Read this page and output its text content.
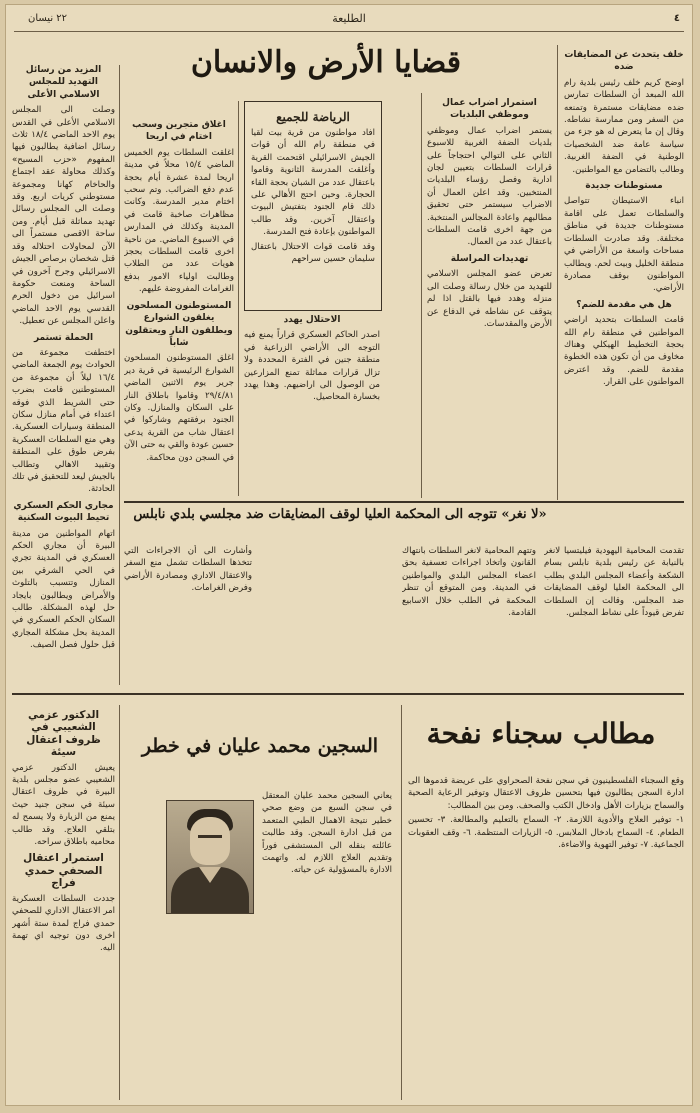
٤
الطليعة
٢٢ نيسان
قضايا الأرض والانسان	خلف يتحدث عن المضايقات ضده

اوضح كريم خلف رئيس بلدية رام الله المبعد أن السلطات تمارس ضده مضايقات مستمرة وتمنعه من السفر ومن ممارسة نشاطه. وقال إن ما يتعرض له هو جزء من سياسة عامة ضد الشخصيات الوطنية في الضفة الغربية. وطالب بالتضامن مع المواطنين.

مستوطنات جديدة

انباء الاستيطان تتواصل والسلطات تعمل على اقامة مستوطنات جديدة في مناطق مختلفة. وقد صادرت السلطات مساحات واسعة من الأراضي في منطقة الخليل وبيت لحم. ويطالب المواطنون بوقف مصادرة الأراضي.

هل هي مقدمة للضم؟

قامت السلطات بتحديد اراضي المواطنين في منطقة رام الله بحجة التخطيط الهيكلي وهناك مخاوف من أن تكون هذه الخطوة مقدمة للضم. وقد اعترض المواطنون على القرار.

استمرار اضراب عمال وموظفي البلديات

يستمر اضراب عمال وموظفي بلديات الضفة الغربية للاسبوع الثاني على التوالي احتجاجاً على قرارات السلطات بتعيين لجان ادارية وفصل رؤساء البلديات المنتخبين. وقد اعلن العمال أن الاضراب سيستمر حتى تحقيق مطالبهم واعادة المجالس المنتخبة. من جهة اخرى قامت السلطات باعتقال عدد من العمال.

تهديدات المراسلة

تعرض عضو المجلس الاسلامي للتهديد من خلال رسالة وصلت الى منزله وهدد فيها بالقتل اذا لم يتوقف عن نشاطه في الدفاع عن الأرض والمقدسات.

الرياضة للجميع

افاد مواطنون من قرية بيت لقيا في منطقة رام الله أن قوات الجيش الاسرائيلي اقتحمت القرية وأغلقت المدرسة الثانوية وقاموا باعتقال عدد من الشبان بحجة القاء الحجارة. وحين احتج الأهالي على ذلك قام الجنود بتفتيش البيوت واعتقال آخرين. وقد طالب المواطنون بإعادة فتح المدرسة.

وقد قامت قوات الاحتلال باعتقال سليمان حسين سراحهم

الاحتلال يهدد

اصدر الحاكم العسكري قراراً يمنع فيه التوجه الى الأراضي الزراعية في منطقة جنين في الفترة المحددة ولا تزال قرارات مماثلة تمنع المزارعين من الوصول الى اراضيهم. وهذا يهدد بخسارة المحاصيل.

اغلاق متجرين وسحب اختام في اريحا

اغلقت السلطات يوم الخميس الماضي ١٥/٤ محلاً في مدينة اريحا لمدة عشرة أيام بحجة عدم دفع الضرائب. وتم سحب اختام مدير المدرسة. وكانت مظاهرات صاخبة قامت في المدينة وكذلك في المدارس في الاسبوع الماضي. من ناحية اخرى قامت السلطات بحجز هويات عدد من الطلاب وطالبت اولياء الامور بدفع الغرامات المفروضة عليهم.

المستوطنون المسلحون يغلقون الشوارع ويطلقون النار ويعتقلون شاباً

اغلق المستوطنون المسلحون الشوارع الرئيسية في قرية دير جرير يوم الاثنين الماضي ٢٩/٤/٨١ وقاموا باطلاق النار على السكان والمنازل. وكان الجنود برفقتهم وشاركوا في اعتقال شاب من القرية يدعى حسين عودة والقي به حتى الآن في السجن دون محاكمة.

المزيد من رسائل التهديد للمجلس الاسلامي الأعلى

وصلت الى المجلس الاسلامي الأعلى في القدس يوم الاحد الماضي ١٨/٤ ثلاث رسائل اضافية يطالبون فيها المفهوم «حزب المسيح» وكذلك محاولة عقد اجتماع والحاخام كهانا ومجموعة مستوطني كريات اربع. وقد وصلت الى المجلس رسائل تهديد مماثلة قبل أيام. ومن ساحة الاقصى مستمراً الى الآن لمحاولات احتلاله وقد قتل شخصان برصاص الجيش الاسرائيلي وجرح آخرون في الساحة ومنعت حكومة اسرائيل من دخول الحرم القدسي يوم الاحد الماضي واعلن المجلس عن تعطيل.

الحملة تستمر

اختطفت مجموعة من الحوادث يوم الجمعة الماضي ١٦/٤ ليلاً أن مجموعة من المستوطنين قامت بضرب حتى الشريط الذي فوقه اعتداء في أمام منازل سكان المنطقة وسيارات العسكرية. وهي منع السلطات العسكرية بفرض طوق على المنطقة وتقييد الاهالي وتطالب بالجيش ليعد للتحقيق في تلك الحادثة.

مجاري الحكم العسكري تحيط البيوت السكنية

اتهام المواطنين من مدينة البيرة أن مجاري الحكم العسكري في المدينة تجري في الحي الشرقي بين المنازل وتتسبب بالتلوث والأمراض ويطالبون بايجاد حل لهذه المشكلة. طالب السكان الحكم العسكري في المدينة بحل مشكلة المجاري قبل حلول فصل الصيف.

«لا نغر» تتوجه الى المحكمة العليا لوقف المضايقات ضد مجلسي بلدي نابلس

تقدمت المحامية اليهودية فيليتسيا لانغر بالنيابة عن رئيس بلدية نابلس بسام الشكعة وأعضاء المجلس البلدي بطلب الى المحكمة العليا لوقف المضايقات ضد المجلس. وقالت إن السلطات تفرض قيوداً على نشاط المجلس.

وتتهم المحامية لانغر السلطات بانتهاك القانون واتخاذ اجراءات تعسفية بحق اعضاء المجلس البلدي والمواطنين في المدينة. ومن المتوقع أن تنظر المحكمة في الطلب خلال الاسابيع القادمة.

وأشارت الى أن الاجراءات التي تتخذها السلطات تشمل منع السفر والاعتقال الاداري ومصادرة الأراضي وفرض الغرامات.

مطالب سجناء نفحة

وقع السجناء الفلسطينيون في سجن نفحة الصحراوي على عريضة قدموها الى ادارة السجن يطالبون فيها بتحسين ظروف الاعتقال وتوفير الرعاية الصحية والسماح بزيارات الأهل وادخال الكتب والصحف. ومن بين المطالب:

١- توفير العلاج والأدوية اللازمة. ٢- السماح بالتعليم والمطالعة. ٣- تحسين الطعام. ٤- السماح بادخال الملابس. ٥- الزيارات المنتظمة. ٦- وقف العقوبات الجماعية. ٧- توفير التهوية والاضاءة.

السجين محمد عليان في خطر

يعاني السجين محمد عليان المعتقل في سجن السبع من وضع صحي خطير نتيجة الاهمال الطبي المتعمد من قبل ادارة السجن. وقد طالبت عائلته بنقله الى المستشفى فوراً وتقديم العلاج اللازم له. واتهمت الادارة بالمسؤولية عن حياته.

الدكتور عزمي الشعيبي في ظروف اعتقال سيئة

يعيش الدكتور عزمي الشعيبي عضو مجلس بلدية البيرة في ظروف اعتقال سيئة في سجن جنيد حيث يمنع من الزيارة ولا يسمح له بتلقي العلاج. وقد طالب محاميه باطلاق سراحه.

استمرار اعتقال الصحفي حمدي فراج

جددت السلطات العسكرية امر الاعتقال الاداري للصحفي حمدي فراج لمدة ستة أشهر اخرى دون توجيه اي تهمة اليه.
